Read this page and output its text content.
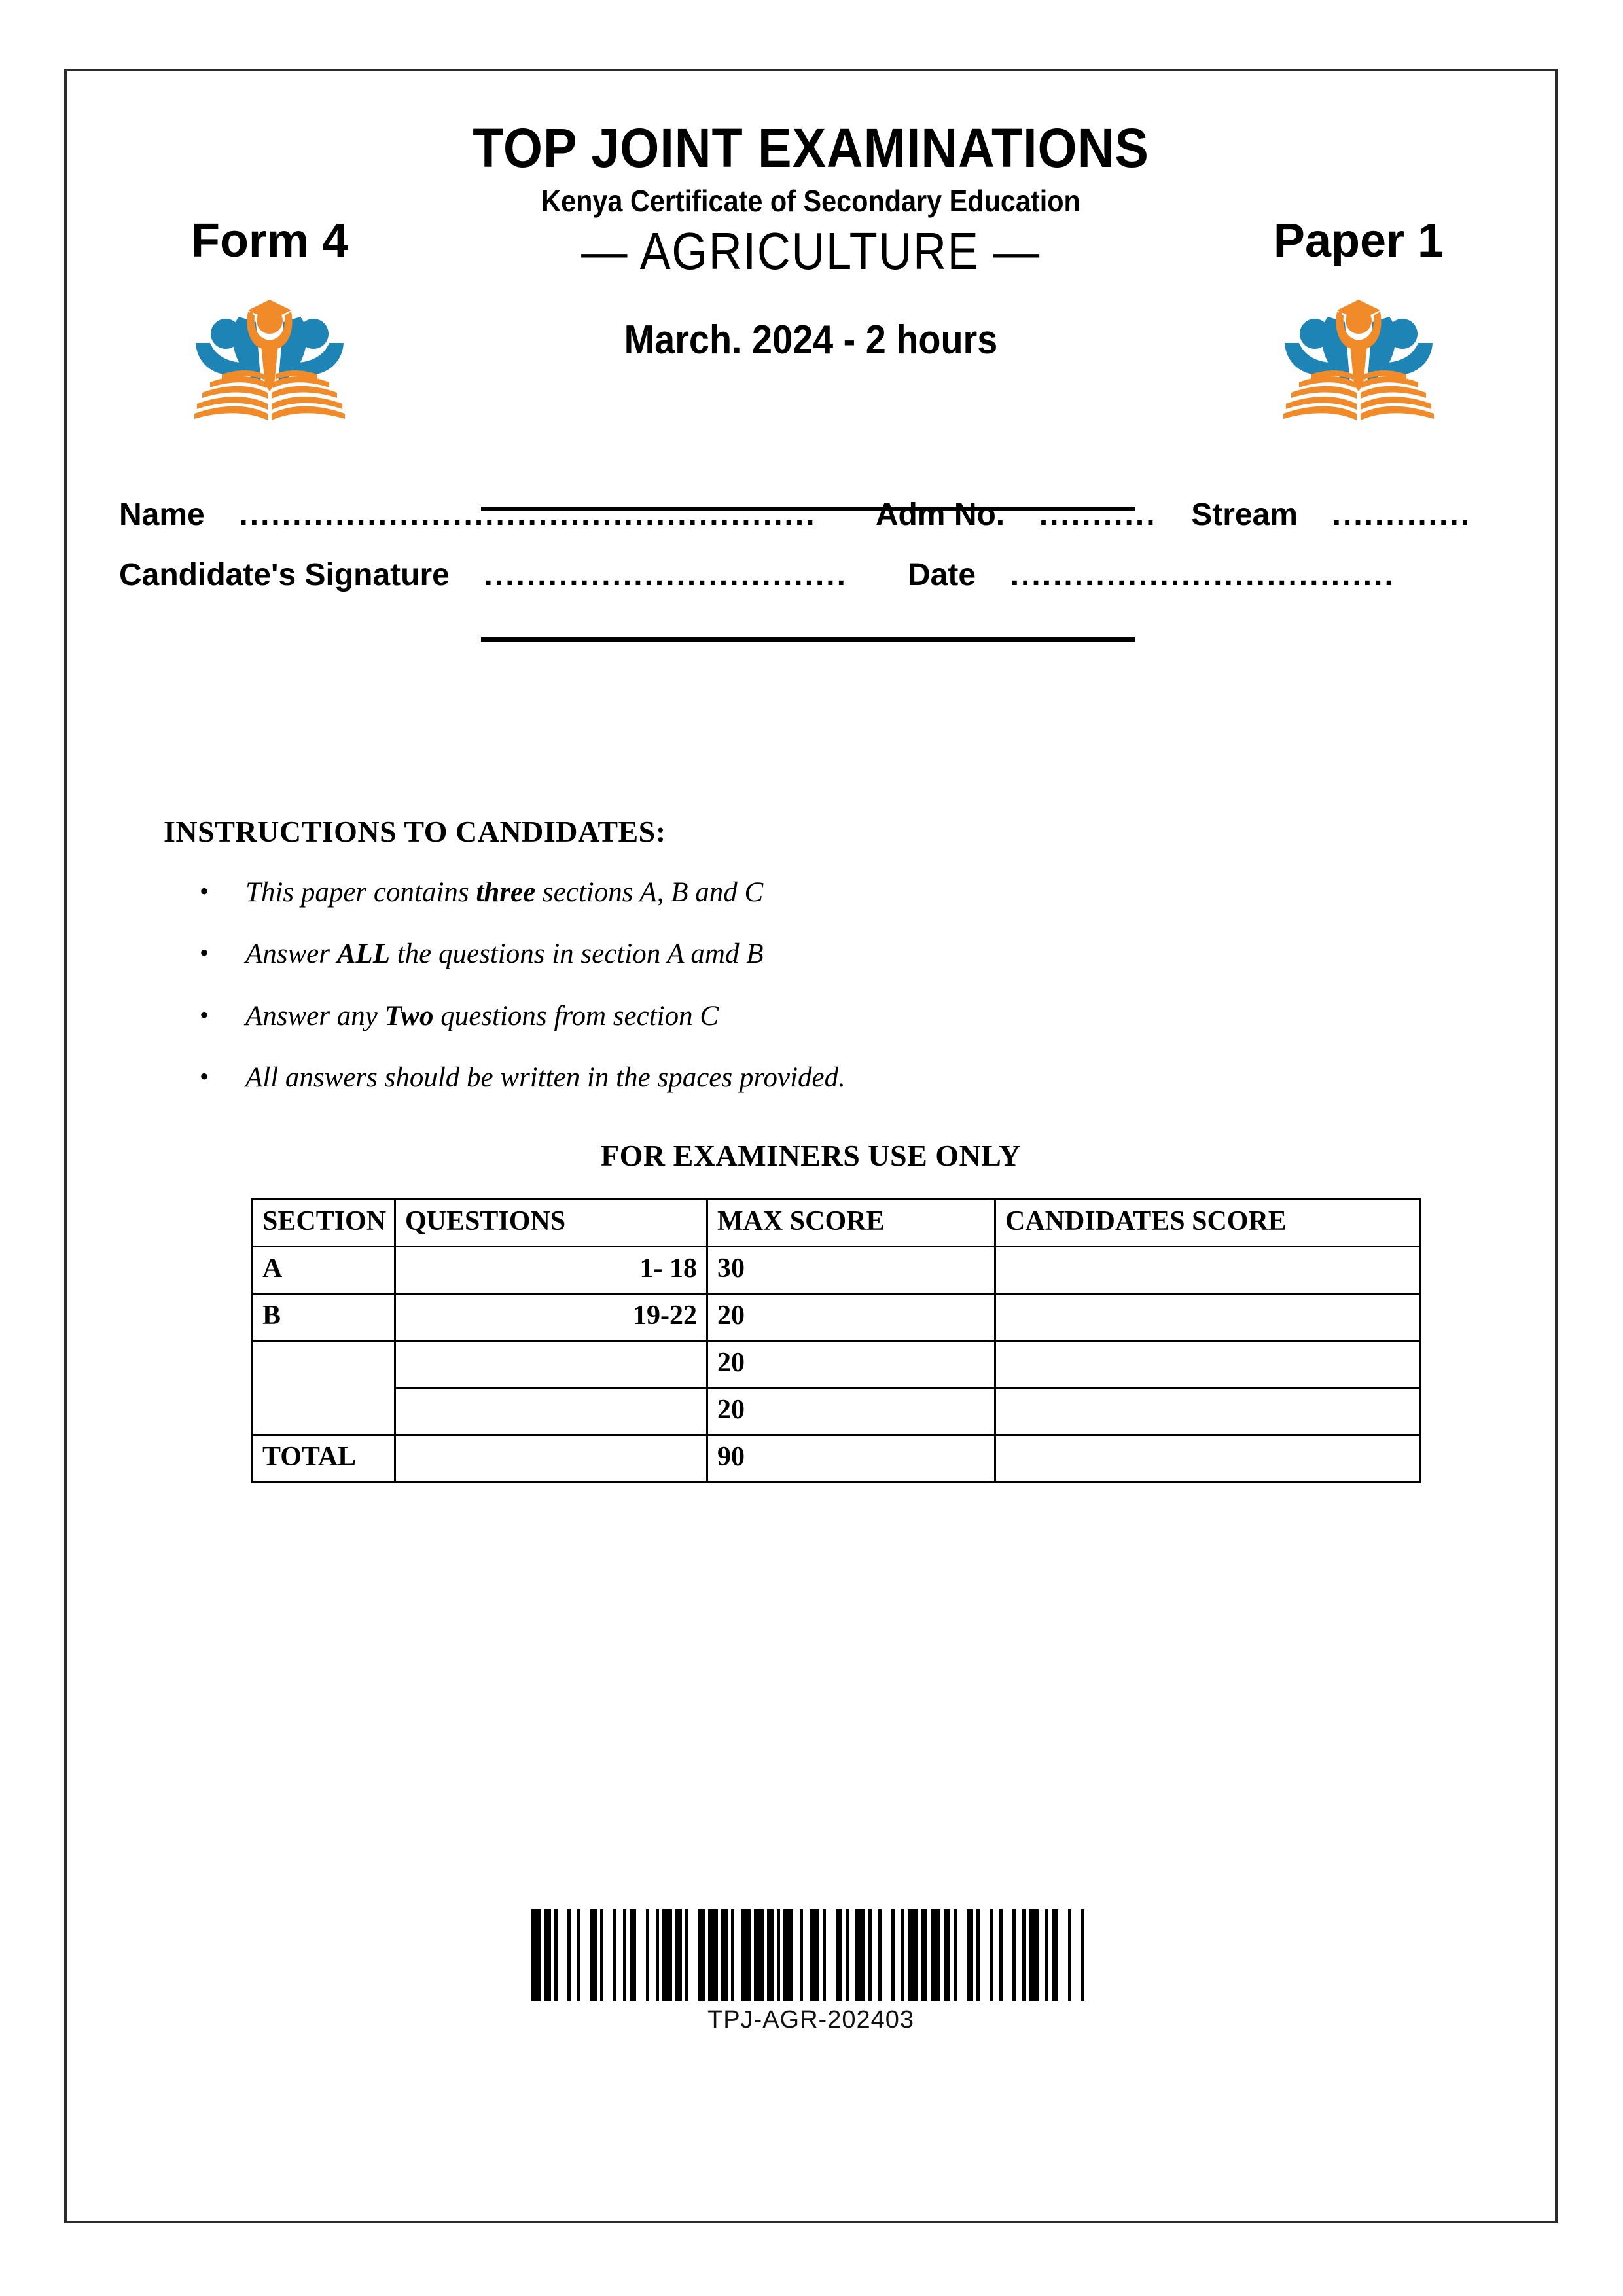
TOP JOINT EXAMINATIONS
Kenya Certificate of Secondary Education
Form 4	Paper 1
— AGRICULTURE —
March. 2024 - 2 hours
Name ...................................................... Adm No. ........... Stream .............
Candidate's Signature .................................. Date ....................................
INSTRUCTIONS TO CANDIDATES:
• This paper contains three sections A, B and C
• Answer ALL the questions in section A amd B
• Answer any Two questions from section C
• All answers should be written in the spaces provided.
FOR EXAMINERS USE ONLY
SECTION	QUESTIONS	MAX SCORE	CANDIDATES SCORE
A	1- 18	30	
B	19-22	20	
		20	
		20	
TOTAL		90	
TPJ-AGR-202403
